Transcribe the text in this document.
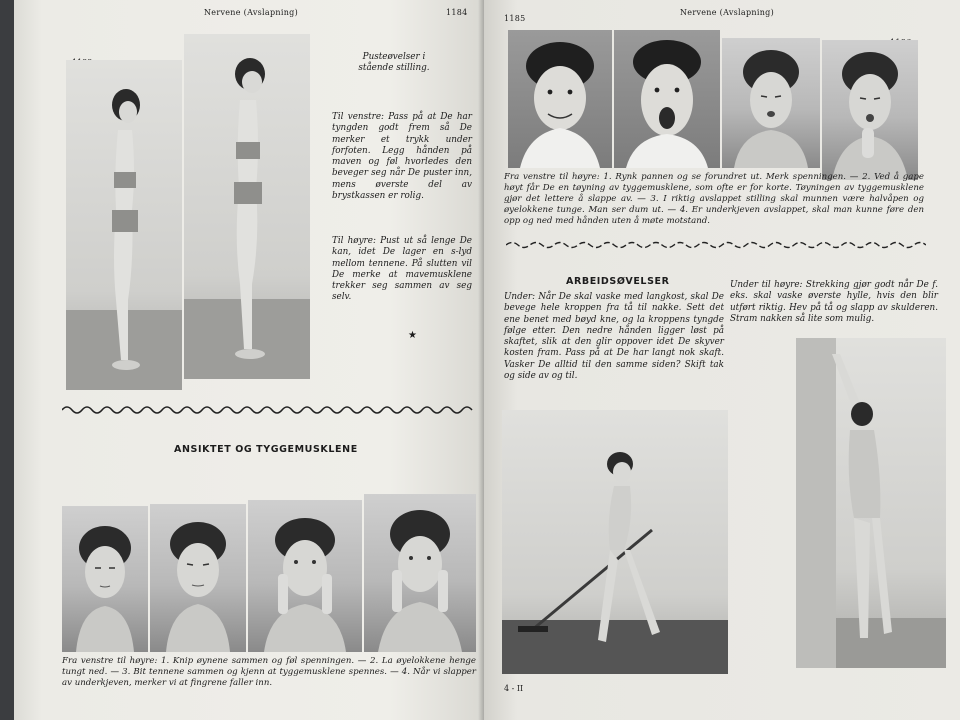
Nervene (Avslapning)	1184
Pusteøvelser i stående stilling.
Til venstre: Pass på at De har tyngden godt frem så De merker et trykk under forfoten. Legg hånden på maven og føl hvorledes den beveger seg når De puster inn, mens øverste del av brystkassen er rolig.
Til høyre: Pust ut så lenge De kan, idet De lager en s-lyd mellom tennene. På slutten vil De merke at mavemusklene trekker seg sammen av seg selv.
★
ANSIKTET OG TYGGEMUSKLENE
Fra venstre til høyre: 1. Knip øynene sammen og føl spenningen. — 2. La øyelokkene henge tungt ned. — 3. Bit tennene sammen og kjenn at tyggemusklene spennes. — 4. Når vi slapper av underkjeven, merker vi at fingrene faller inn.
1185
Nervene (Avslapning)
Fra venstre til høyre: 1. Rynk pannen og se forundret ut. Merk spenningen. — 2. Ved å gape høyt får De en tøyning av tyggemusklene, som ofte er for korte. Tøyningen av tyggemusklene gjør det lettere å slappe av. — 3. I riktig avslappet stilling skal munnen være halvåpen og øyelokkene tunge. Man ser dum ut. — 4. Er underkjeven avslappet, skal man kunne føre den opp og ned med hånden uten å møte motstand.
ARBEIDSØVELSER
Under: Når De skal vaske med langkost, skal De bevege hele kroppen fra tå til nakke. Sett det ene benet med bøyd kne, og la kroppens tyngde følge etter. Den nedre hånden ligger løst på skaftet, slik at den glir oppover idet De skyver kosten fram. Pass på at De har langt nok skaft. Vasker De alltid til den samme siden? Skift tak og side av og til.
Under til høyre: Strekking gjør godt når De f. eks. skal vaske øverste hylle, hvis den blir utført riktig. Hev på tå og slapp av skulderen. Stram nakken så lite som mulig.
4 - II
